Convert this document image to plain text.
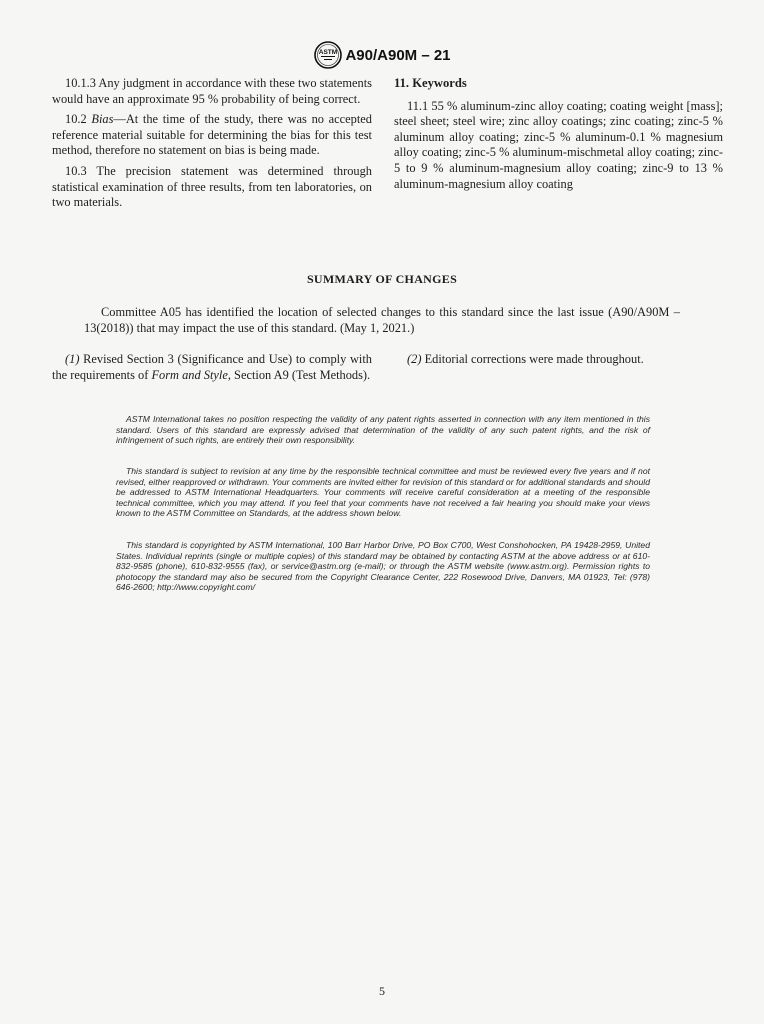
ASTM A90/A90M – 21

10.1.3 Any judgment in accordance with these two statements would have an approximate 95 % probability of being correct.

10.2 Bias—At the time of the study, there was no accepted reference material suitable for determining the bias for this test method, therefore no statement on bias is being made.

10.3 The precision statement was determined through statistical examination of three results, from ten laboratories, on two materials.

11. Keywords

11.1 55 % aluminum-zinc alloy coating; coating weight [mass]; steel sheet; steel wire; zinc alloy coatings; zinc coating; zinc-5 % aluminum alloy coating; zinc-5 % aluminum-0.1 % magnesium alloy coating; zinc-5 % aluminum-mischmetal alloy coating; zinc-5 to 9 % aluminum-magnesium alloy coating; zinc-9 to 13 % aluminum-magnesium alloy coating

SUMMARY OF CHANGES
Committee A05 has identified the location of selected changes to this standard since the last issue (A90/A90M – 13(2018)) that may impact the use of this standard. (May 1, 2021.)
(1) Revised Section 3 (Significance and Use) to comply with the requirements of Form and Style, Section A9 (Test Methods).
(2) Editorial corrections were made throughout.
ASTM International takes no position respecting the validity of any patent rights asserted in connection with any item mentioned in this standard. Users of this standard are expressly advised that determination of the validity of any such patent rights, and the risk of infringement of such rights, are entirely their own responsibility.
This standard is subject to revision at any time by the responsible technical committee and must be reviewed every five years and if not revised, either reapproved or withdrawn. Your comments are invited either for revision of this standard or for additional standards and should be addressed to ASTM International Headquarters. Your comments will receive careful consideration at a meeting of the responsible technical committee, which you may attend. If you feel that your comments have not received a fair hearing you should make your views known to the ASTM Committee on Standards, at the address shown below.
This standard is copyrighted by ASTM International, 100 Barr Harbor Drive, PO Box C700, West Conshohocken, PA 19428-2959, United States. Individual reprints (single or multiple copies) of this standard may be obtained by contacting ASTM at the above address or at 610-832-9585 (phone), 610-832-9555 (fax), or service@astm.org (e-mail); or through the ASTM website (www.astm.org). Permission rights to photocopy the standard may also be secured from the Copyright Clearance Center, 222 Rosewood Drive, Danvers, MA 01923, Tel: (978) 646-2600; http://www.copyright.com/
5
